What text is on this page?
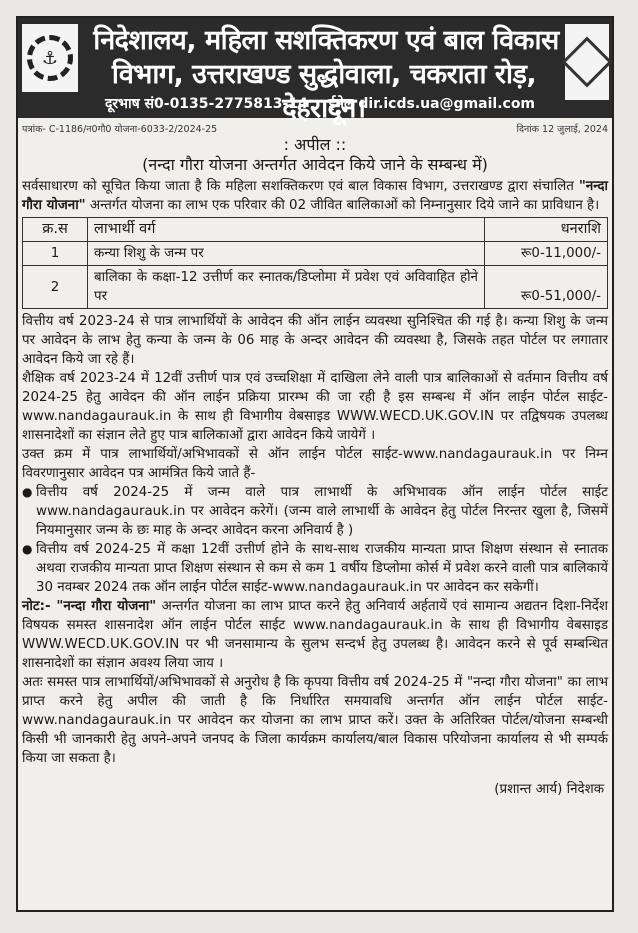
⚓
निदेशालय, महिला सशक्तिकरण एवं बाल विकास
विभाग, उत्तराखण्ड सुद्धोवाला, चकराता रोड़, देहरादून।
दूरभाष सं0-0135-2775813-14 ईमेल dir.icds.ua@gmail.com
पत्रांक- C-1186/न0गौ0 योजना-6033-2/2024-25	दिनांक 12 जुलाई, 2024
: अपील ::
(नन्दा गौरा योजना अन्तर्गत आवेदन किये जाने के सम्बन्ध में)

सर्वसाधारण को सूचित किया जाता है कि महिला सशक्तिकरण एवं बाल विकास विभाग, उत्तराखण्ड द्वारा संचालित "नन्दा गौरा योजना" अन्तर्गत योजना का लाभ एक परिवार की 02 जीवित बालिकाओं को निम्नानुसार दिये जाने का प्राविधान है।

क्र.स	लाभार्थी वर्ग	धनराशि
1	कन्या शिशु के जन्म पर	रू0-11,000/-
2	बालिका के कक्षा-12 उत्तीर्ण कर स्नातक/डिप्लोमा में प्रवेश एवं अविवाहित होने पर	रू0-51,000/-

वित्तीय वर्ष 2023-24 से पात्र लाभार्थियों के आवेदन की ऑन लाईन व्यवस्था सुनिश्चित की गई है। कन्या शिशु के जन्म पर आवेदन के लाभ हेतु कन्या के जन्म के 06 माह के अन्दर आवेदन की व्यवस्था है, जिसके तहत पोर्टल पर लगातार आवेदन किये जा रहे हैं।

शैक्षिक वर्ष 2023-24 में 12वीं उत्तीर्ण पात्र एवं उच्चशिक्षा में दाखिला लेने वाली पात्र बालिकाओं से वर्तमान वित्तीय वर्ष 2024-25 हेतु आवेदन की ऑन लाईन प्रक्रिया प्रारम्भ की जा रही है इस सम्बन्ध में ऑन लाईन पोर्टल साईट- www.nandagaurauk.in के साथ ही विभागीय वेबसाइड WWW.WECD.UK.GOV.IN पर तद्विषयक उपलब्ध शासनादेशों का संज्ञान लेते हुए पात्र बालिकाओं द्वारा आवेदन किये जायेगें ।

उक्त क्रम में पात्र लाभार्थियों/अभिभावकों से ऑन लाईन पोर्टल साईट-www.nandagaurauk.in पर निम्न विवरणानुसार आवेदन पत्र आमंत्रित किये जाते हैं-

● वित्तीय वर्ष 2024-25 में जन्म वाले पात्र लाभार्थी के अभिभावक ऑन लाईन पोर्टल साईट www.nandagaurauk.in पर आवेदन करेगें। (जन्म वाले लाभार्थी के आवेदन हेतु पोर्टल निरन्तर खुला है, जिसमें नियमानुसार जन्म के छः माह के अन्दर आवेदन करना अनिवार्य है )
● वित्तीय वर्ष 2024-25 में कक्षा 12वीं उत्तीर्ण होने के साथ-साथ राजकीय मान्यता प्राप्त शिक्षण संस्थान से स्नातक अथवा राजकीय मान्यता प्राप्त शिक्षण संस्थान से कम से कम 1 वर्षीय डिप्लोमा कोर्स में प्रवेश करने वाली पात्र बालिकायें 30 नवम्बर 2024 तक ऑन लाईन पोर्टल साईट-www.nandagaurauk.in पर आवेदन कर सकेगीं।

नोट:- "नन्दा गौरा योजना" अन्तर्गत योजना का लाभ प्राप्त करने हेतु अनिवार्य अर्हतायें एवं सामान्य अद्यतन दिशा-निर्देश विषयक समस्त शासनादेश ऑन लाईन पोर्टल साईट www.nandagaurauk.in के साथ ही विभागीय वेबसाइड WWW.WECD.UK.GOV.IN पर भी जनसामान्य के सुलभ सन्दर्भ हेतु उपलब्ध है। आवेदन करने से पूर्व सम्बन्धित शासनादेशों का संज्ञान अवश्य लिया जाय ।

अतः समस्त पात्र लाभार्थियों/अभिभावकों से अनुरोध है कि कृपया वित्तीय वर्ष 2024-25 में "नन्दा गौरा योजना" का लाभ प्राप्त करने हेतु अपील की जाती है कि निर्धारित समयावधि अन्तर्गत ऑन लाईन पोर्टल साईट- www.nandagaurauk.in पर आवेदन कर योजना का लाभ प्राप्त करें। उक्त के अतिरिक्त पोर्टल/योजना सम्बन्धी किसी भी जानकारी हेतु अपने-अपने जनपद के जिला कार्यक्रम कार्यालय/बाल विकास परियोजना कार्यालय से भी सम्पर्क किया जा सकता है।

(प्रशान्त आर्य) निदेशक
